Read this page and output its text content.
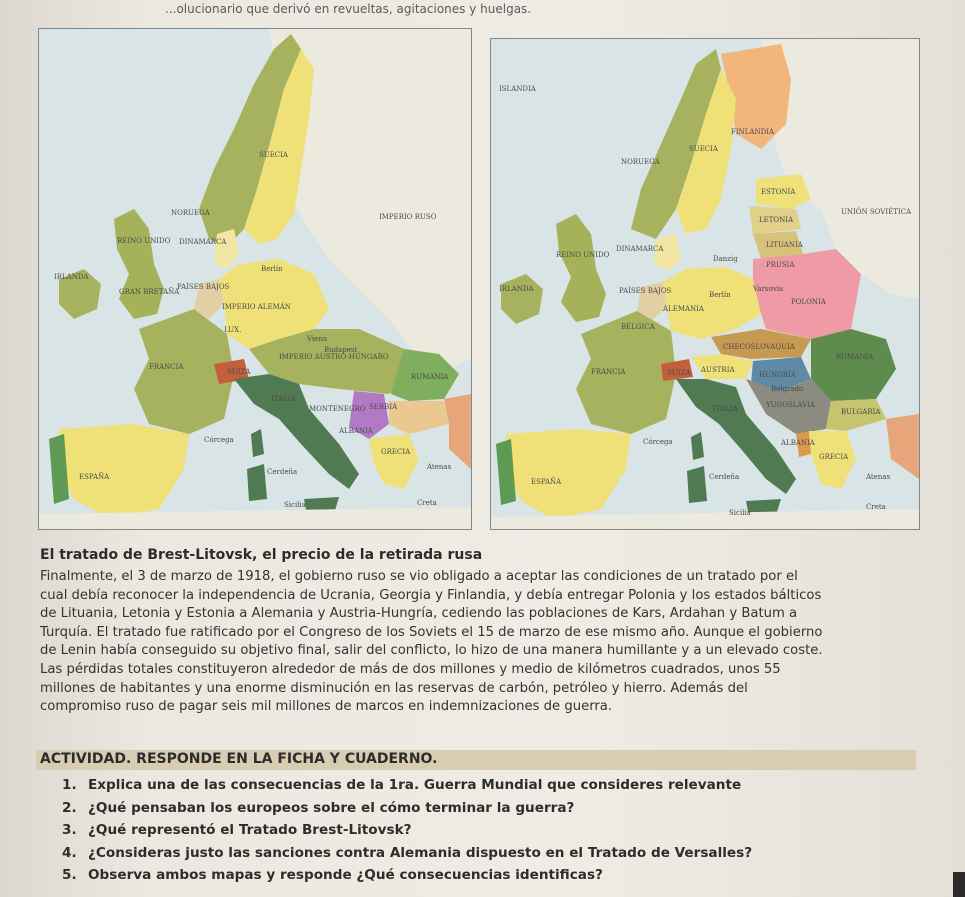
...olucionario que derivó en revueltas, agitaciones y huelgas.
SUECIA
NORUEGA	IMPERIO RUSO
DINAMARCA
REINO UNIDO
IRLANDA
GRAN BRETAÑA
PAÍSES BAJOS
Berlín
IMPERIO ALEMÁN
LUX.
IMPERIO AUSTRO-HÚNGARO
FRANCIA
Viena
Budapest
SERBIA
RUMANIA
MONTENEGRO
ALBANIA
GRECIA
ITALIA
Córcega
Cerdeña
ESPAÑA
Sicilia
Atenas
Creta
SUIZA
ISLANDIA
SUECIA
FINLANDIA
NORUEGA
ESTONIA
LETONIA
LITUANIA
UNIÓN SOVIÉTICA
DINAMARCA
Danzig
PRUSIA
REINO UNIDO
IRLANDA	PAÍSES BAJOS	Berlín
Varsovia
POLONIA
ALEMANIA
BÉLGICA
CHECOSLOVAQUIA
FRANCIA	AUSTRIA
HUNGRÍA
RUMANIA
Belgrado
YUGOSLAVIA
BULGARIA
ITALIA
ALBANIA
GRECIA
Córcega
Cerdeña
ESPAÑA
Sicilia
Atenas
Creta
SUIZA
El tratado de Brest-Litovsk, el precio de la retirada rusa
Finalmente, el 3 de marzo de 1918, el gobierno ruso se vio obligado a aceptar las condiciones de un tratado por el
cual debía reconocer la independencia de Ucrania, Georgia y Finlandia, y debía entregar Polonia y los estados bálticos
de Lituania, Letonia y Estonia a Alemania y Austria-Hungría, cediendo las poblaciones de Kars, Ardahan y Batum a
Turquía. El tratado fue ratificado por el Congreso de los Soviets el 15 de marzo de ese mismo año. Aunque el gobierno
de Lenin había conseguido su objetivo final, salir del conflicto, lo hizo de una manera humillante y a un elevado coste.
Las pérdidas totales constituyeron alrededor de más de dos millones y medio de kilómetros cuadrados, unos 55
millones de habitantes y una enorme disminución en las reservas de carbón, petróleo y hierro. Además del
compromiso ruso de pagar seis mil millones de marcos en indemnizaciones de guerra.
ACTIVIDAD. RESPONDE EN LA FICHA Y CUADERNO.
1. Explica una de las consecuencias de la 1ra. Guerra Mundial que consideres relevante
2. ¿Qué pensaban los europeos sobre el cómo terminar la guerra?
3. ¿Qué representó el Tratado Brest-Litovsk?
4. ¿Consideras justo las sanciones contra Alemania dispuesto en el Tratado de Versalles?
5. Observa ambos mapas y responde ¿Qué consecuencias identificas?
